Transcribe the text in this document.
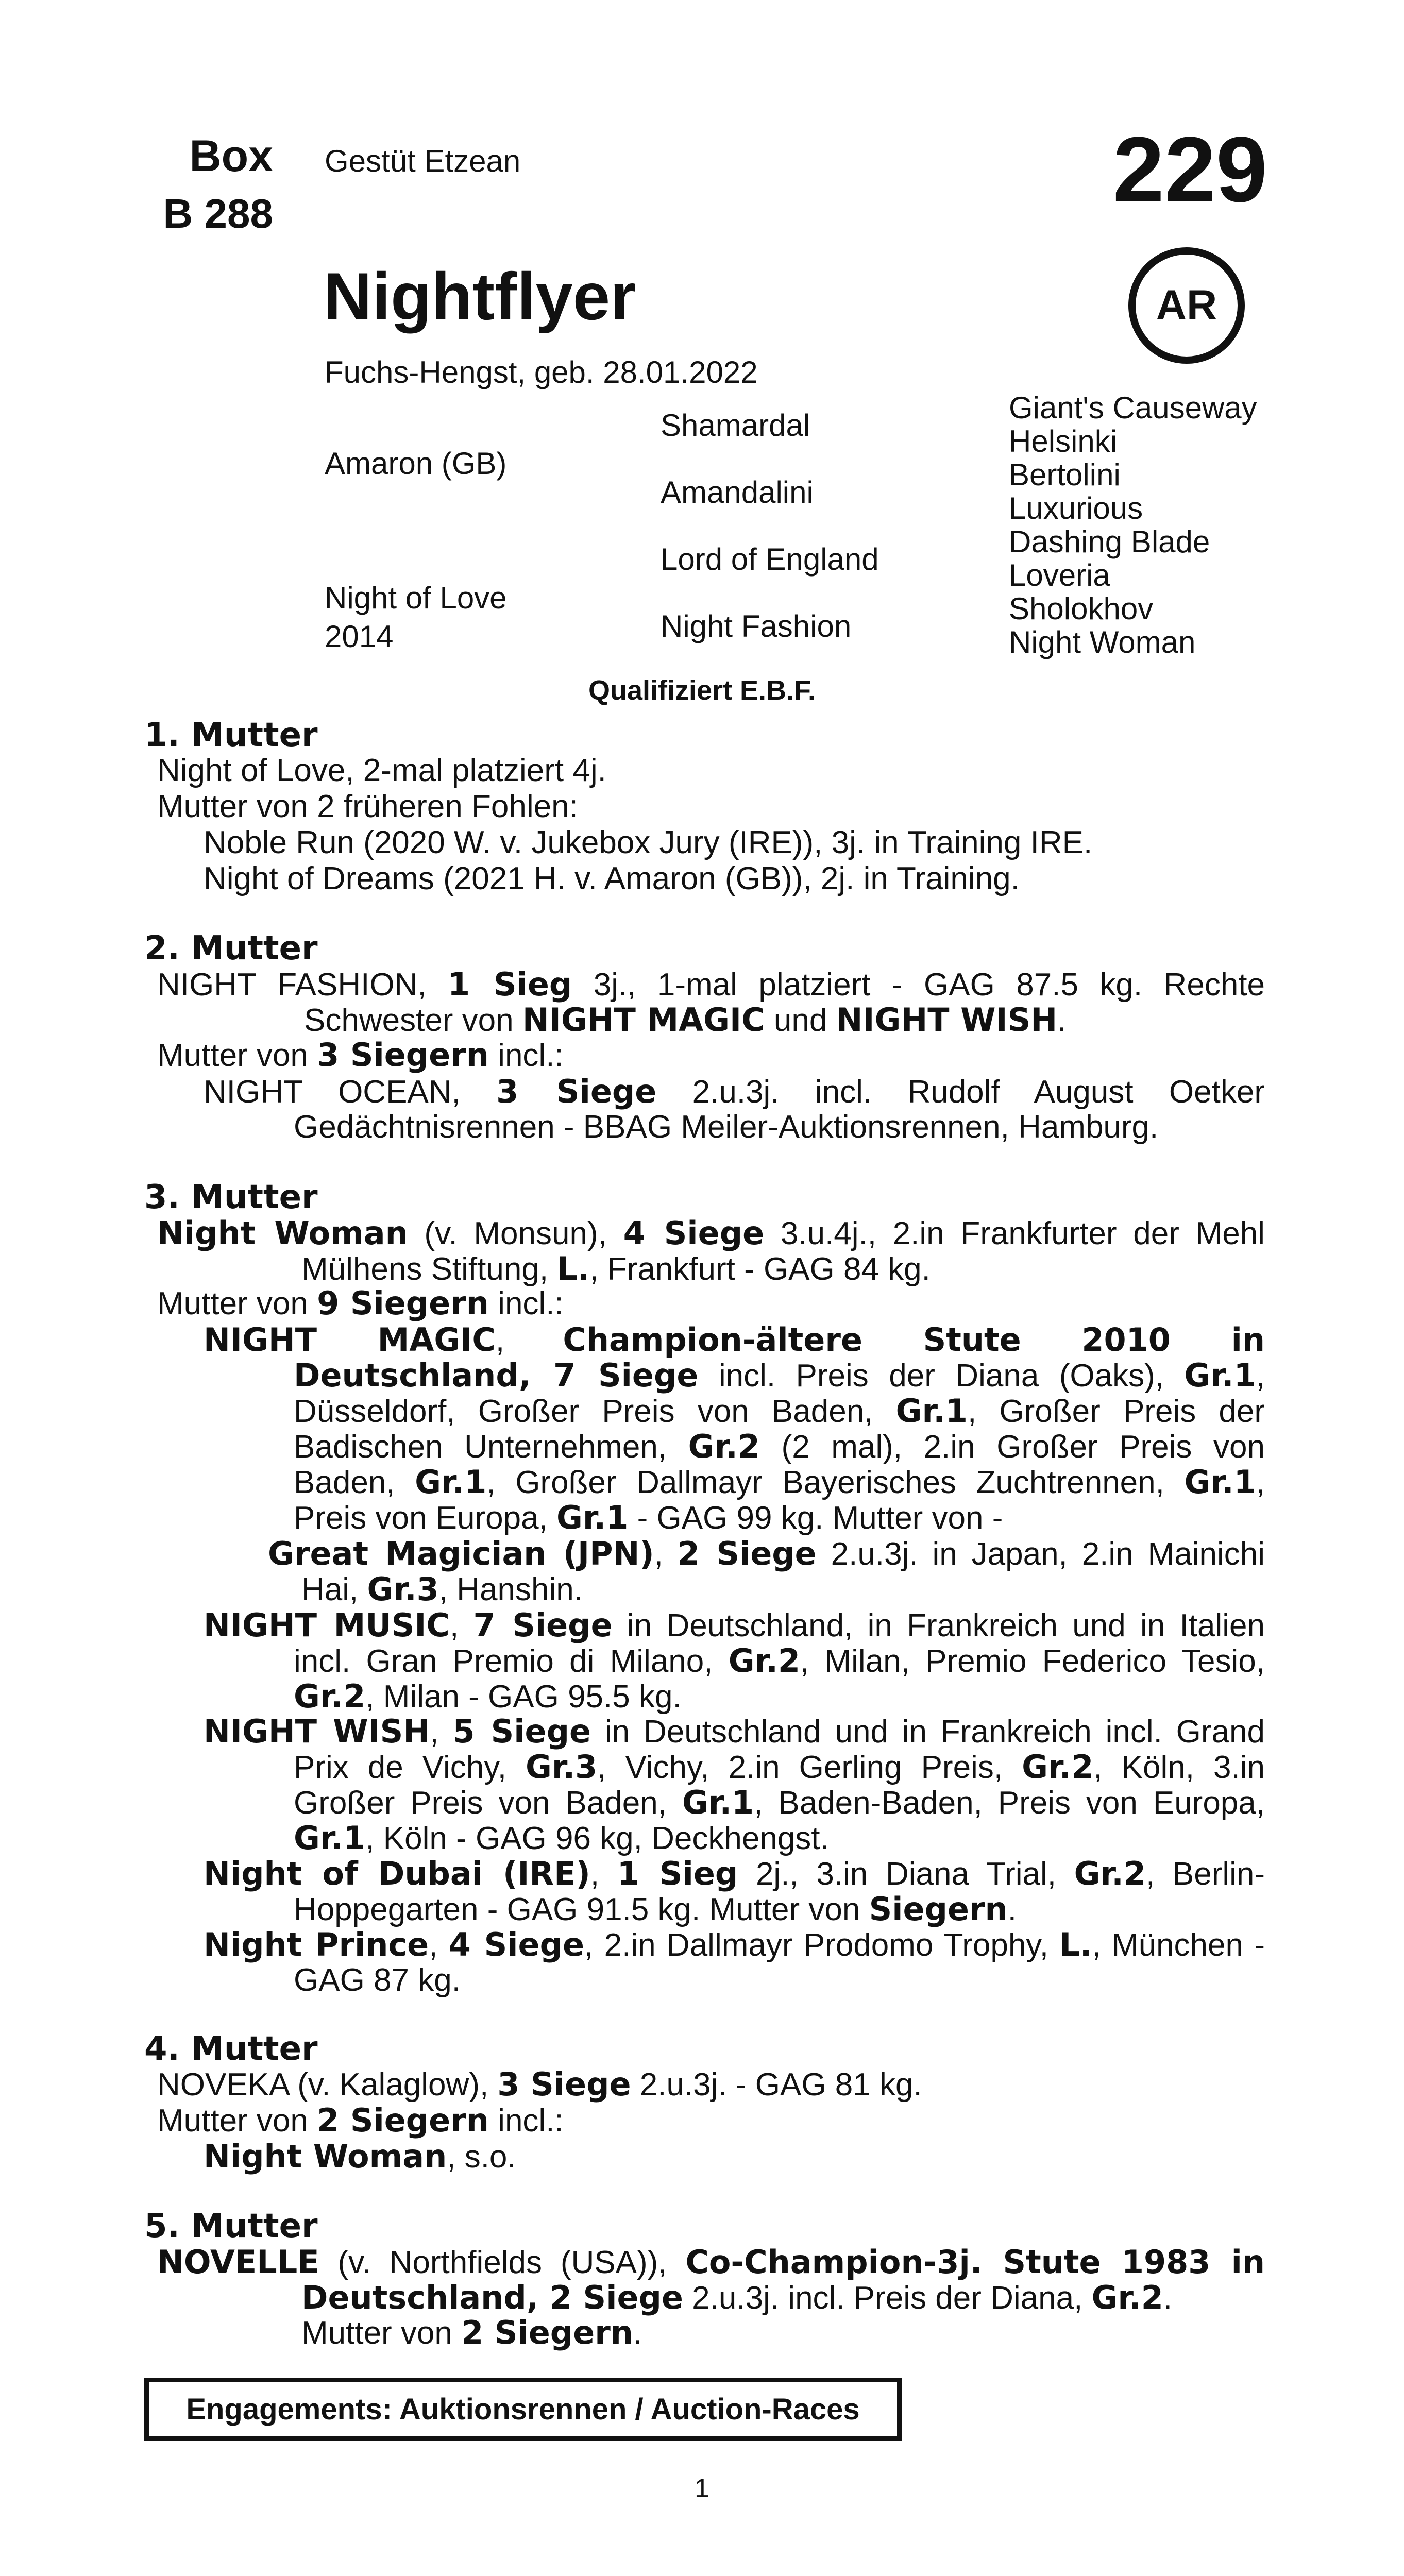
Box
B 288
Gestüt Etzean	229
AR
Nightflyer
Fuchs-Hengst, geb. 28.01.2022
Amaron (GB)
Night of Love
2014
Shamardal
Amandalini
Lord of England
Night Fashion
Giant's Causeway
Helsinki
Bertolini
Luxurious
Dashing Blade
Loveria
Sholokhov
Night Woman
Qualifiziert E.B.F.
1. Mutter
Night of Love, 2-mal platziert 4j.
Mutter von 2 früheren Fohlen:
Noble Run (2020 W. v. Jukebox Jury (IRE)), 3j. in Training IRE.
Night of Dreams (2021 H. v. Amaron (GB)), 2j. in Training.
2. Mutter
NIGHT FASHION, 1 Sieg 3j., 1-mal platziert - GAG 87.5 kg. Rechte Schwester von NIGHT MAGIC und NIGHT WISH.
Mutter von 3 Siegern incl.:
NIGHT OCEAN, 3 Siege 2.u.3j. incl. Rudolf August Oetker Gedächtnisrennen - BBAG Meiler-Auktionsrennen, Hamburg.
3. Mutter
Night Woman (v. Monsun), 4 Siege 3.u.4j., 2.in Frankfurter der Mehl Mülhens Stiftung, L., Frankfurt - GAG 84 kg.
Mutter von 9 Siegern incl.:
NIGHT MAGIC, Champion-ältere Stute 2010 in Deutschland, 7 Siege incl. Preis der Diana (Oaks), Gr.1, Düsseldorf, Großer Preis von Baden, Gr.1, Großer Preis der Badischen Unternehmen, Gr.2 (2 mal), 2.in Großer Preis von Baden, Gr.1, Großer Dallmayr Bayerisches Zuchtrennen, Gr.1, Preis von Europa, Gr.1 - GAG 99 kg. Mutter von -
Great Magician (JPN), 2 Siege 2.u.3j. in Japan, 2.in Mainichi Hai, Gr.3, Hanshin.
NIGHT MUSIC, 7 Siege in Deutschland, in Frankreich und in Italien incl. Gran Premio di Milano, Gr.2, Milan, Premio Federico Tesio, Gr.2, Milan - GAG 95.5 kg.
NIGHT WISH, 5 Siege in Deutschland und in Frankreich incl. Grand Prix de Vichy, Gr.3, Vichy, 2.in Gerling Preis, Gr.2, Köln, 3.in Großer Preis von Baden, Gr.1, Baden-Baden, Preis von Europa, Gr.1, Köln - GAG 96 kg, Deckhengst.
Night of Dubai (IRE), 1 Sieg 2j., 3.in Diana Trial, Gr.2, Berlin-Hoppegarten - GAG 91.5 kg. Mutter von Siegern.
Night Prince, 4 Siege, 2.in Dallmayr Prodomo Trophy, L., München - GAG 87 kg.
4. Mutter
NOVEKA (v. Kalaglow), 3 Siege 2.u.3j. - GAG 81 kg.
Mutter von 2 Siegern incl.:
Night Woman, s.o.
5. Mutter
NOVELLE (v. Northfields (USA)), Co-Champion-3j. Stute 1983 in Deutschland, 2 Siege 2.u.3j. incl. Preis der Diana, Gr.2.
Mutter von 2 Siegern.
Engagements: Auktionsrennen / Auction-Races
1
